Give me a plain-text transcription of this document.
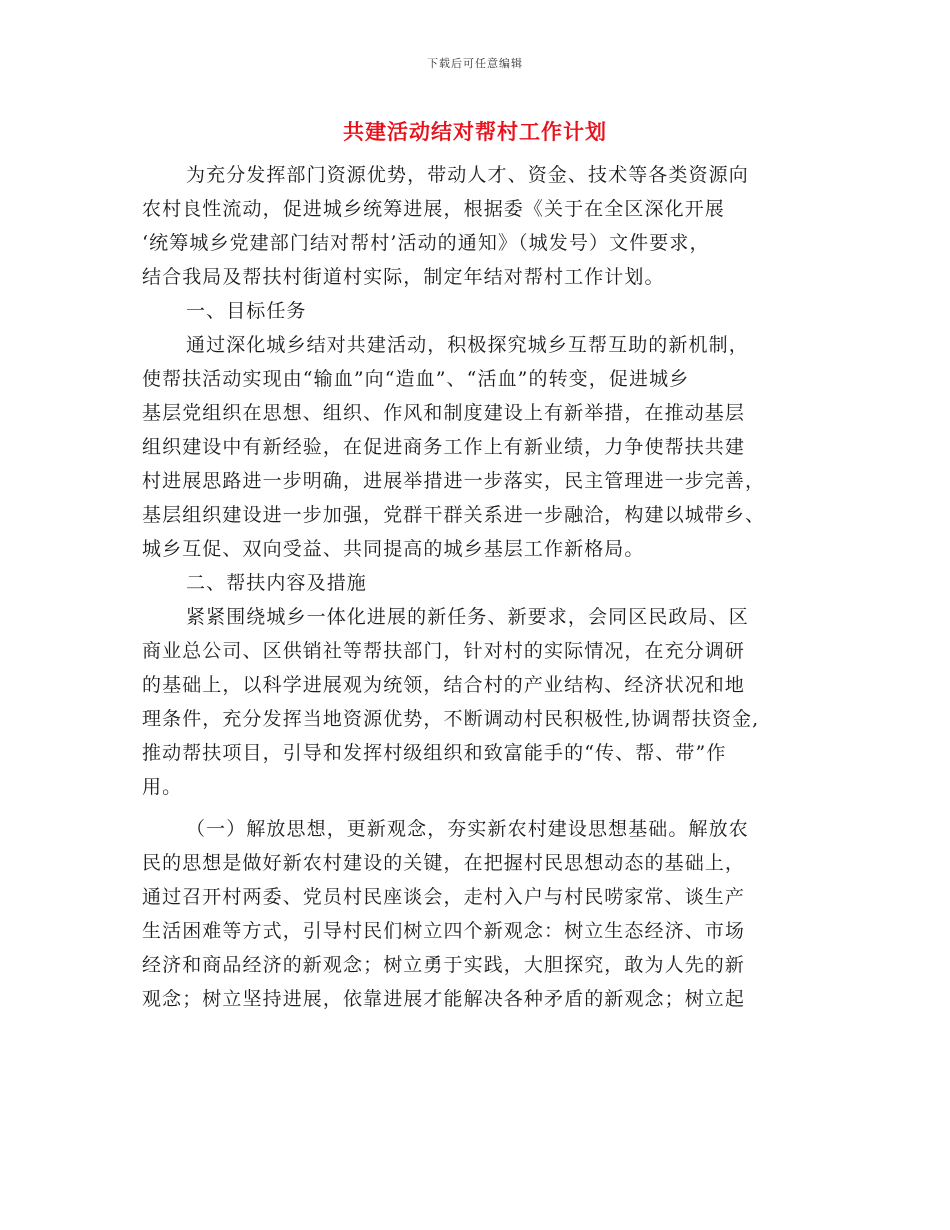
下载后可任意编辑
共建活动结对帮村工作计划
为充分发挥部门资源优势，带动人才、资金、技术等各类资源向
农村良性流动，促进城乡统筹进展，根据委《关于在全区深化开展
‘统筹城乡党建部门结对帮村’活动的通知》（城发号）文件要求，
结合我局及帮扶村街道村实际，制定年结对帮村工作计划。
一、目标任务
通过深化城乡结对共建活动，积极探究城乡互帮互助的新机制，
使帮扶活动实现由“输血”向“造血”、“活血”的转变，促进城乡
基层党组织在思想、组织、作风和制度建设上有新举措，在推动基层
组织建设中有新经验，在促进商务工作上有新业绩，力争使帮扶共建
村进展思路进一步明确，进展举措进一步落实，民主管理进一步完善，
基层组织建设进一步加强，党群干群关系进一步融洽，构建以城带乡、
城乡互促、双向受益、共同提高的城乡基层工作新格局。
二、帮扶内容及措施
紧紧围绕城乡一体化进展的新任务、新要求，会同区民政局、区
商业总公司、区供销社等帮扶部门，针对村的实际情况，在充分调研
的基础上，以科学进展观为统领，结合村的产业结构、经济状况和地
理条件，充分发挥当地资源优势，不断调动村民积极性,协调帮扶资金,
推动帮扶项目，引导和发挥村级组织和致富能手的“传、帮、带”作
用。
（一）解放思想，更新观念，夯实新农村建设思想基础。解放农
民的思想是做好新农村建设的关键，在把握村民思想动态的基础上，
通过召开村两委、党员村民座谈会，走村入户与村民唠家常、谈生产
生活困难等方式，引导村民们树立四个新观念：树立生态经济、市场
经济和商品经济的新观念；树立勇于实践，大胆探究，敢为人先的新
观念；树立坚持进展，依靠进展才能解决各种矛盾的新观念；树立起
